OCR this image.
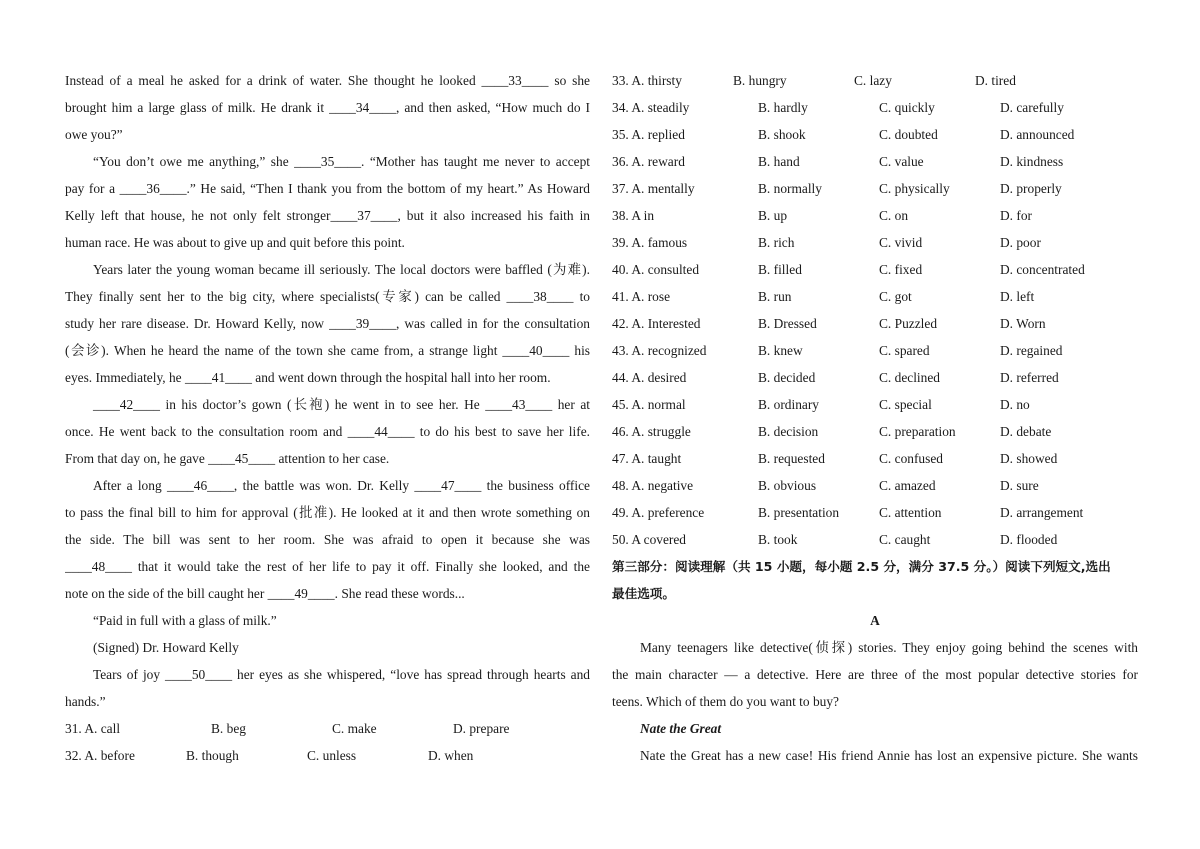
Instead of a meal he asked for a drink of water. She thought he looked ____33____ so she
brought him a large glass of milk. He drank it ____34____, and then asked, “How much do I
owe you?”
“You don’t owe me anything,” she ____35____. “Mother has taught me never to accept
pay for a ____36____.” He said, “Then I thank you from the bottom of my heart.” As Howard
Kelly left that house, he not only felt stronger____37____, but it also increased his faith in
human race. He was about to give up and quit before this point.
Years later the young woman became ill seriously. The local doctors were baffled (为难).
They finally sent her to the big city, where specialists(专家) can be called ____38____ to
study her rare disease. Dr. Howard Kelly, now ____39____, was called in for the consultation
(会诊). When he heard the name of the town she came from, a strange light ____40____ his
eyes. Immediately, he ____41____ and went down through the hospital hall into her room.
____42____ in his doctor’s gown (长袍) he went in to see her. He ____43____ her at
once. He went back to the consultation room and ____44____ to do his best to save her life.
From that day on, he gave ____45____ attention to her case.
After a long ____46____, the battle was won. Dr. Kelly ____47____ the business office
to pass the final bill to him for approval (批准). He looked at it and then wrote something on
the side. The bill was sent to her room. She was afraid to open it because she was
____48____ that it would take the rest of her life to pay it off. Finally she looked, and the
note on the side of the bill caught her ____49____. She read these words...
“Paid in full with a glass of milk.”
(Signed) Dr. Howard Kelly
Tears of joy ____50____ her eyes as she whispered, “love has spread through hearts and
hands.”
31. A. call	B. beg	C. make	D. prepare
32. A. before	B. though	C. unless	D. when
33. A. thirsty	B. hungry	C. lazy	D. tired
34. A. steadily	B. hardly	C. quickly	D. carefully
35. A. replied	B. shook	C. doubted	D. announced
36. A. reward	B. hand	C. value	D. kindness
37. A. mentally	B. normally	C. physically	D. properly
38. A in	B. up	C. on	D. for
39. A. famous	B. rich	C. vivid	D. poor
40. A. consulted	B. filled	C. fixed	D. concentrated
41. A. rose	B. run	C. got	D. left
42. A. Interested	B. Dressed	C. Puzzled	D. Worn
43. A. recognized	B. knew	C. spared	D. regained
44. A. desired	B. decided	C. declined	D. referred
45. A. normal	B. ordinary	C. special	D. no
46. A. struggle	B. decision	C. preparation	D. debate
47. A. taught	B. requested	C. confused	D. showed
48. A. negative	B. obvious	C. amazed	D. sure
49. A. preference	B. presentation	C. attention	D. arrangement
50. A covered	B. took	C. caught	D. flooded
第三部分：阅读理解（共 15 小题，每小题 2.5 分，满分 37.5 分。）阅读下列短文,选出
最佳选项。
A
Many teenagers like detective(侦探) stories. They enjoy going behind the scenes with
the main character — a detective. Here are three of the most popular detective stories for
teens. Which of them do you want to buy?
Nate the Great
Nate the Great has a new case! His friend Annie has lost an expensive picture. She wants
